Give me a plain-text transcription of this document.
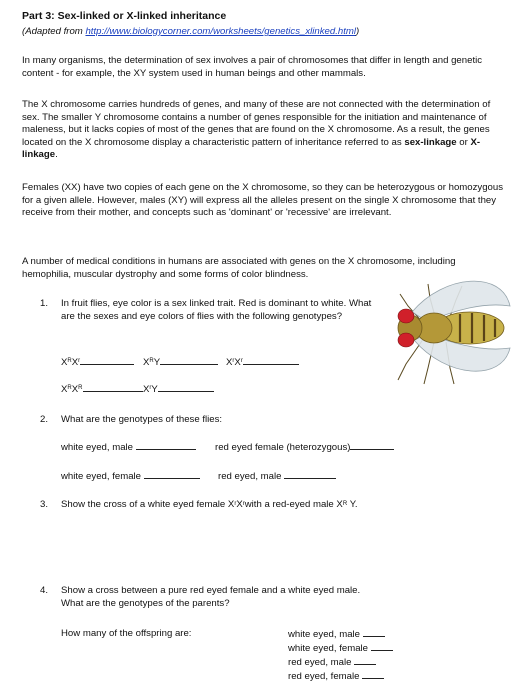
Part 3: Sex-linked or X-linked inheritance
(Adapted from http://www.biologycorner.com/worksheets/genetics_xlinked.html)

In many organisms, the determination of sex involves a pair of chromosomes that differ in length and genetic content - for example, the XY system used in human beings and other mammals.

The X chromosome carries hundreds of genes, and many of these are not connected with the determination of sex. The smaller Y chromosome contains a number of genes responsible for the initiation and maintenance of maleness, but it lacks copies of most of the genes that are found on the X chromosome. As a result, the genes located on the X chromosome display a characteristic pattern of inheritance referred to as sex-linkage or X-linkage.

Females (XX) have two copies of each gene on the X chromosome, so they can be heterozygous or homozygous for a given allele. However, males (XY) will express all the alleles present on the single X chromosome that they receive from their mother, and concepts such as 'dominant' or 'recessive' are irrelevant.

A number of medical conditions in humans are associated with genes on the X chromosome, including hemophilia, muscular dystrophy and some forms of color blindness.

1. In fruit flies, eye color is a sex linked trait. Red is dominant to white. What are the sexes and eye colors of flies with the following genotypes?
$X^RX^r$	$X^RY$	$X^rX^r$
$X^RX^R$	$X^rY$
2. What are the genotypes of these flies:
white eyed, male	red eyed female (heterozygous)
white eyed, female	red eyed, male
3. Show the cross of a white eyed female $X^rX^rwith$ a red-eyed male $X^R$ Y.
4. Show a cross between a pure red eyed female and a white eyed male.
What are the genotypes of the parents?
How many of the offspring are:	white eyed, male
white eyed, female
red eyed, male
red eyed, female
